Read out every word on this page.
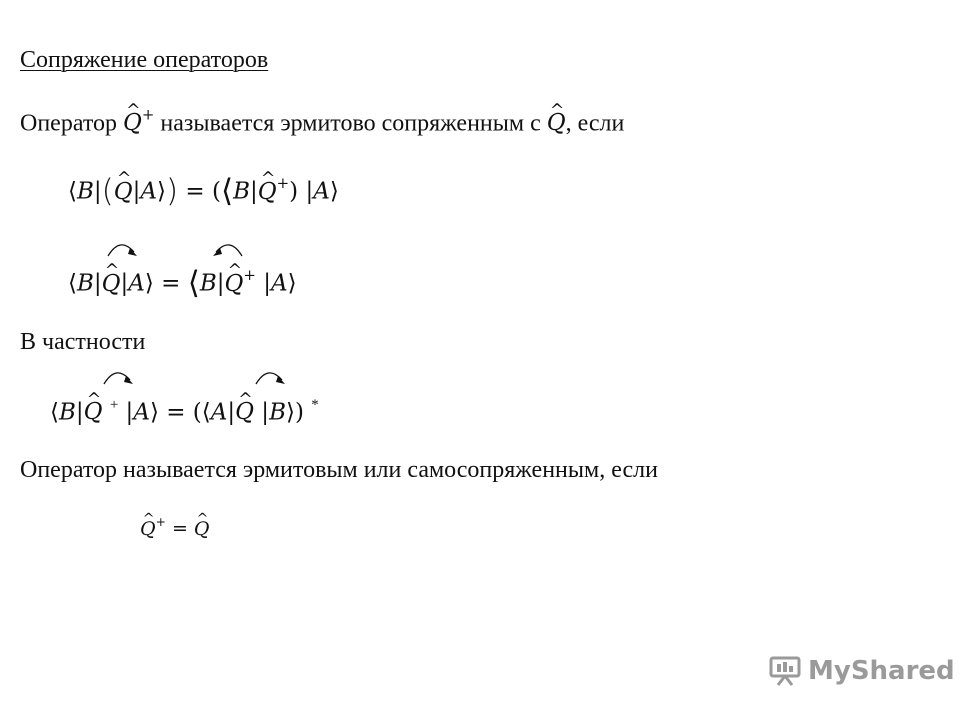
Сопряжение операторов
Оператор ^ Q+ называется эрмитово сопряженным с ^ Q, если
⟨B|(^ Q|A⟩) = (⟨B|^ Q+) |A⟩
⟨B|^ Q|A⟩ = ⟨B|^ Q+ |A⟩
В частности
⟨B|^ Q + |A⟩ = (⟨A|^ Q |B⟩) *
Оператор называется эрмитовым или самосопряженным, если
^ Q+ = ^ Q
MyShared
